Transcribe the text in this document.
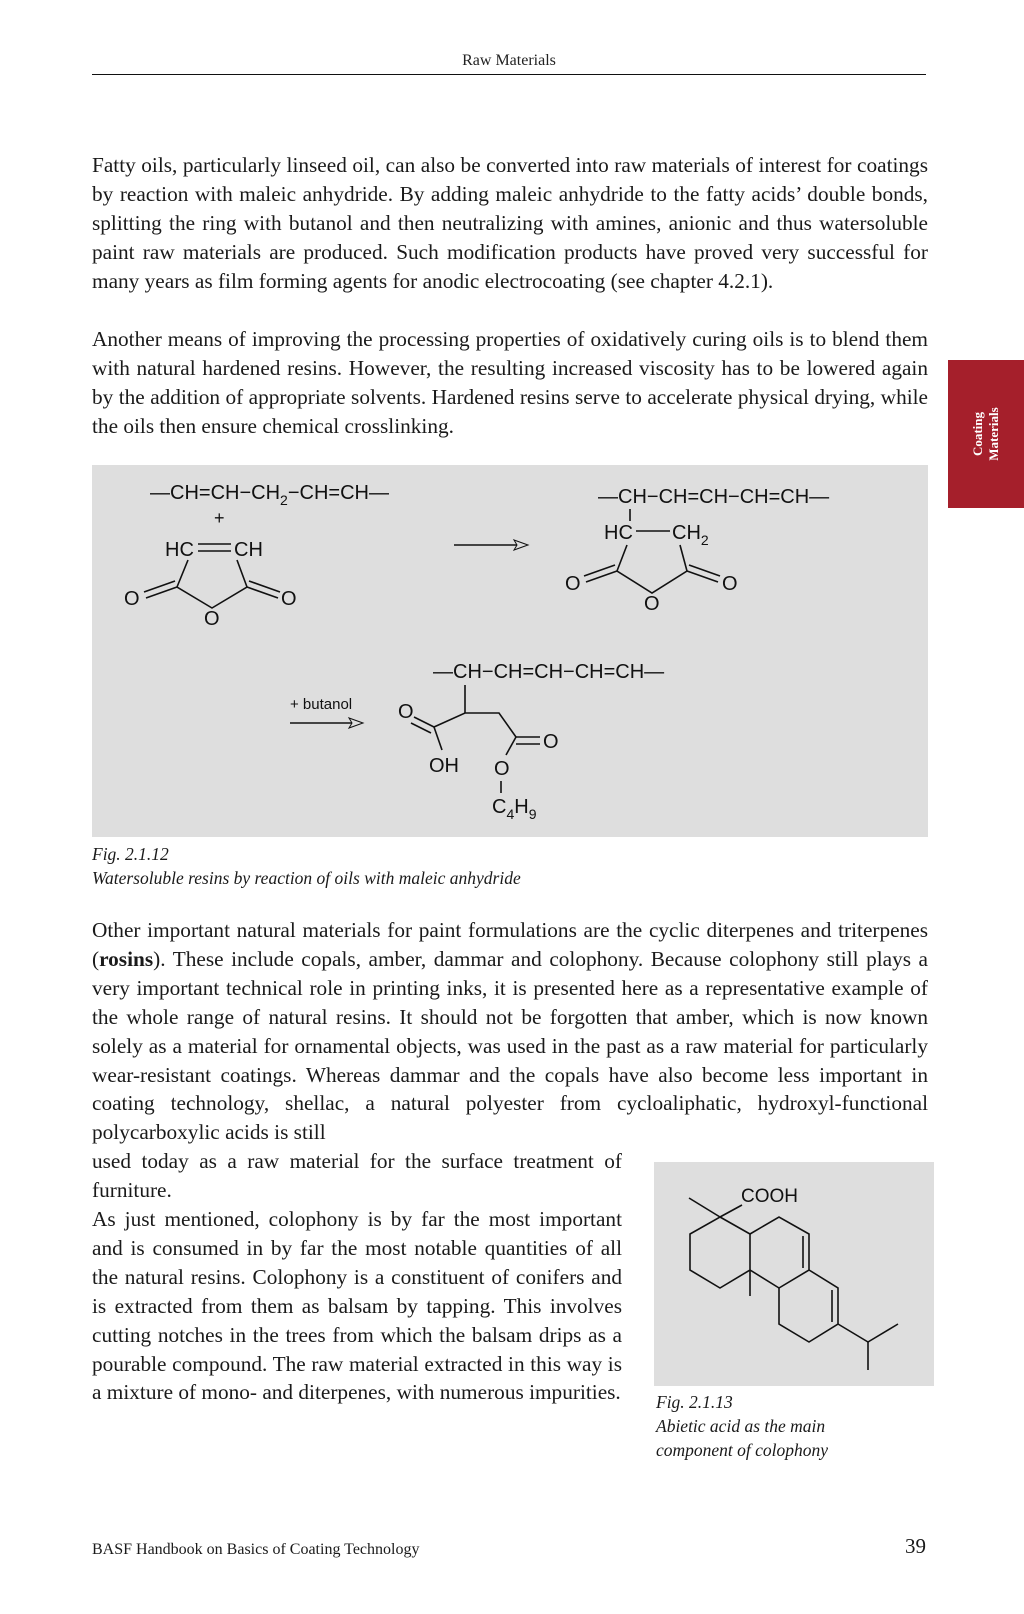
Raw Materials
Coating
Materials

Fatty oils, particularly linseed oil, can also be converted into raw materials of interest for coatings by reaction with maleic anhydride. By adding maleic anhydride to the fatty acids’ double bonds, splitting the ring with butanol and then neutralizing with amines, anionic and thus watersoluble paint raw materials are produced. Such modification products have proved very successful for many years as film forming agents for anodic electrocoating (see chapter 4.2.1).

Another means of improving the processing properties of oxidatively curing oils is to blend them with natural hardened resins. However, the resulting increased viscosity has to be lowered again by the addition of appropriate solvents. Hardened resins serve to accelerate physical drying, while the oils then ensure chemical crosslinking.

$—CH=CH-CH_2-CH=CH—$
+
HC CH
O
O
O
—CH−CH=CH−CH=CH—
HC $CH_2$
O
O
O
+ butanol
—CH−CH=CH−CH=CH—
O
OH
O
O
$C_4H_9$
Fig. 2.1.12
Watersoluble resins by reaction of oils with maleic anhydride

Other important natural materials for paint formulations are the cyclic diterpenes and triterpenes (rosins). These include copals, amber, dammar and colophony. Because colophony still plays a very important technical role in printing inks, it is presented here as a representative example of the whole range of natural resins. It should not be forgotten that amber, which is now known solely as a material for ornamental objects, was used in the past as a raw material for particularly wear-resistant coatings. Whereas dammar and the copals have also become less important in coating technology, shellac, a natural polyester from cycloaliphatic, hydroxyl-functional polycarboxylic acids is still

used today as a raw material for the surface treatment of furniture.

As just mentioned, colophony is by far the most important and is consumed in by far the most notable quantities of all the natural resins. Colophony is a constituent of conifers and is extracted from them as balsam by tapping. This involves cutting notches in the trees from which the balsam drips as a pourable compound. The raw material extracted in this way is a mixture of mono- and diterpenes, with numerous impurities.

COOH
Fig. 2.1.13
Abietic acid as the main
component of colophony
BASF Handbook on Basics of Coating Technology	39
